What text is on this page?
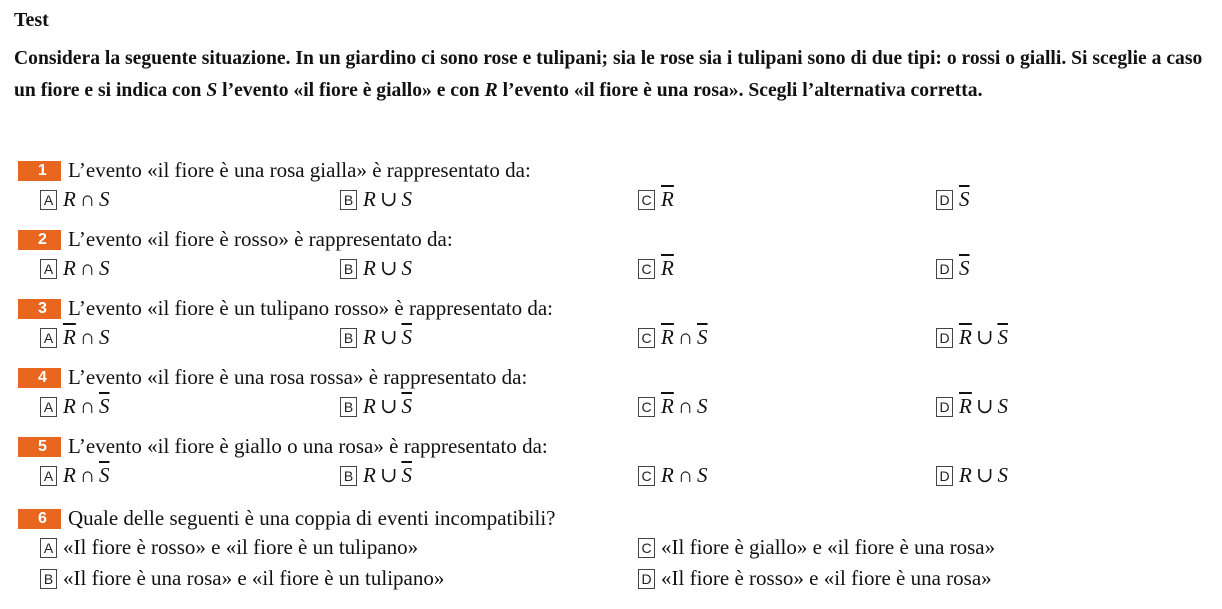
Test
Considera la seguente situazione. In un giardino ci sono rose e tulipani; sia le rose sia i tulipani sono di due tipi: o rossi o gialli. Si sceglie a caso un fiore e si indica con S l’evento «il fiore è giallo» e con R l’evento «il fiore è una rosa». Scegli l’alternativa corretta.
1	L’evento «il fiore è una rosa gialla» è rappresentato da:
A R ∩ S	B R ∪ S	C $\overline{R}$	D $\overline{S}$
2	L’evento «il fiore è rosso» è rappresentato da:
A R ∩ S	B R ∪ S	C $\overline{R}$	D $\overline{S}$
3	L’evento «il fiore è un tulipano rosso» è rappresentato da:
A $\overline{R}$ ∩ S	B R ∪ $\overline{S}$	C $\overline{R}$ ∩ $\overline{S}$	D $\overline{R}$ ∪ $\overline{S}$
4	L’evento «il fiore è una rosa rossa» è rappresentato da:
A R ∩ $\overline{S}$	B R ∪ $\overline{S}$	C $\overline{R}$ ∩ S	D $\overline{R}$ ∪ S
5	L’evento «il fiore è giallo o una rosa» è rappresentato da:
A R ∩ $\overline{S}$	B R ∪ $\overline{S}$	C R ∩ S	D R ∪ S
6	Quale delle seguenti è una coppia di eventi incompatibili?
A «Il fiore è rosso» e «il fiore è un tulipano»
B «Il fiore è una rosa» e «il fiore è un tulipano»
C «Il fiore è giallo» e «il fiore è una rosa»
D «Il fiore è rosso» e «il fiore è una rosa»
